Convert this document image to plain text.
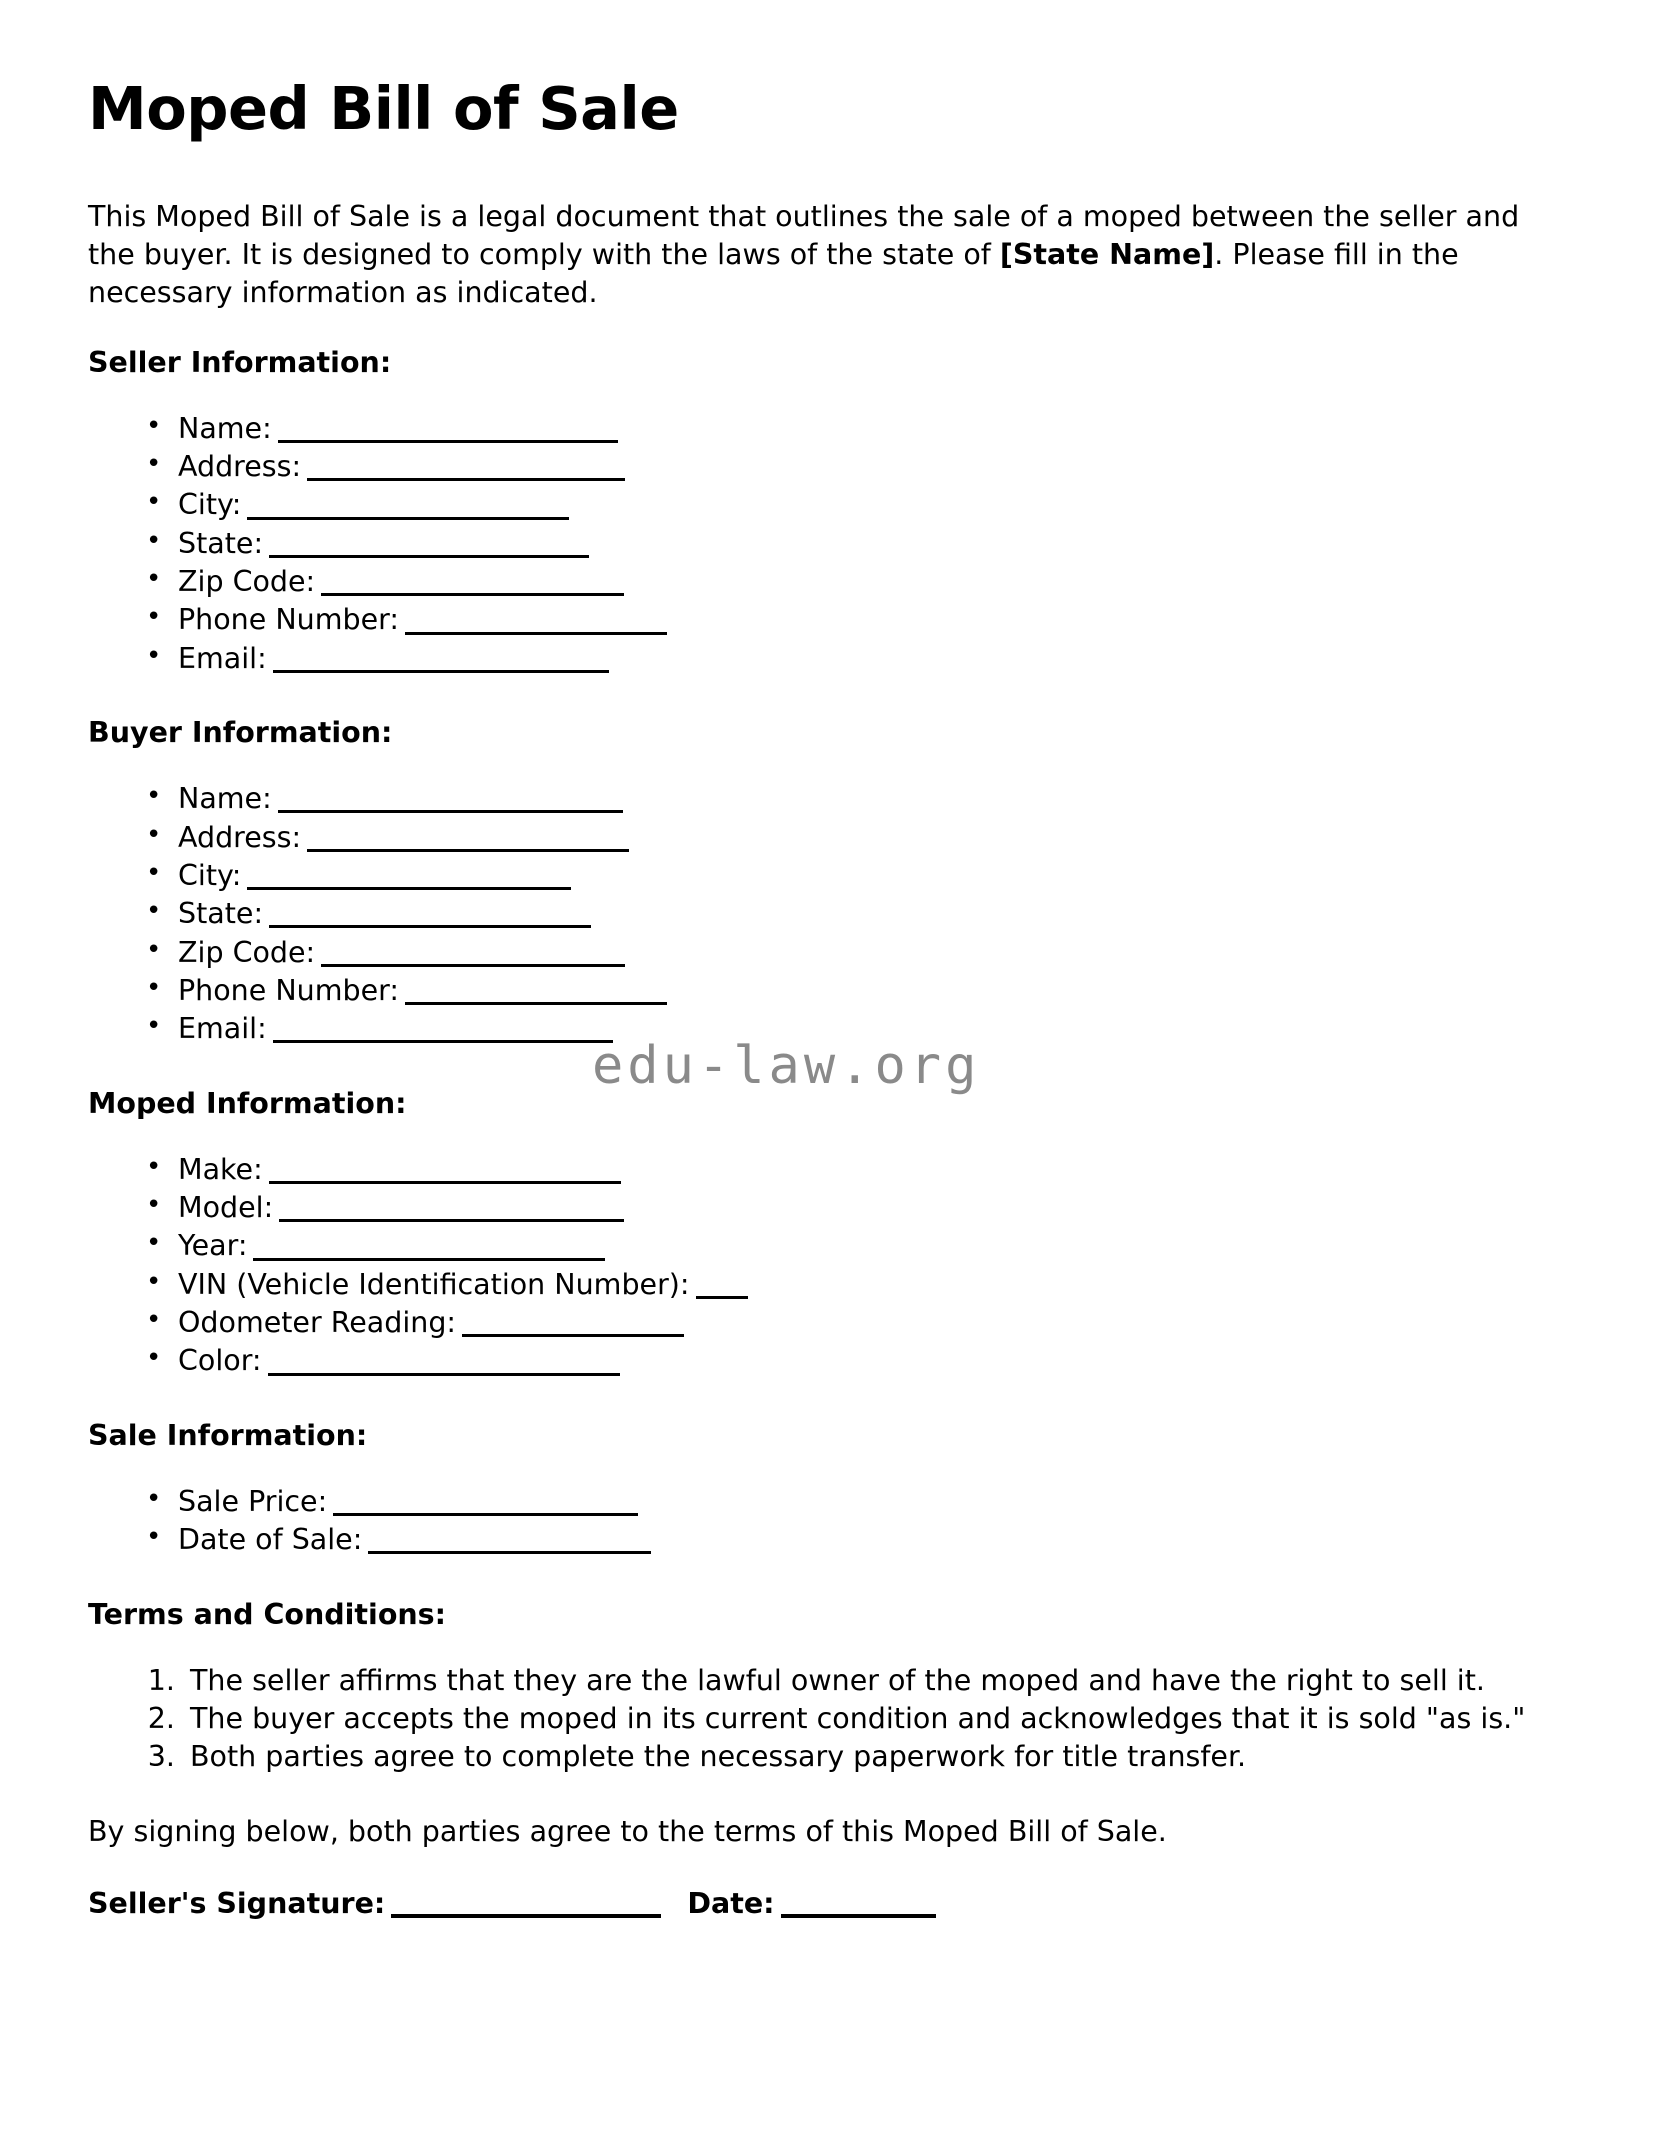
edu-law.org
Moped Bill of Sale

This Moped Bill of Sale is a legal document that outlines the sale of a moped between the seller and the buyer. It is designed to comply with the laws of the state of [State Name]. Please fill in the necessary information as indicated.

Seller Information:
• Name:
• Address:
• City:
• State:
• Zip Code:
• Phone Number:
• Email:
Buyer Information:
• Name:
• Address:
• City:
• State:
• Zip Code:
• Phone Number:
• Email:
Moped Information:
• Make:
• Model:
• Year:
• VIN (Vehicle Identification Number):
• Odometer Reading:
• Color:
Sale Information:
• Sale Price:
• Date of Sale:
Terms and Conditions:
1. The seller affirms that they are the lawful owner of the moped and have the right to sell it.
2. The buyer accepts the moped in its current condition and acknowledges that it is sold "as is."
3. Both parties agree to complete the necessary paperwork for title transfer.

By signing below, both parties agree to the terms of this Moped Bill of Sale.

Seller's Signature:	Date:
